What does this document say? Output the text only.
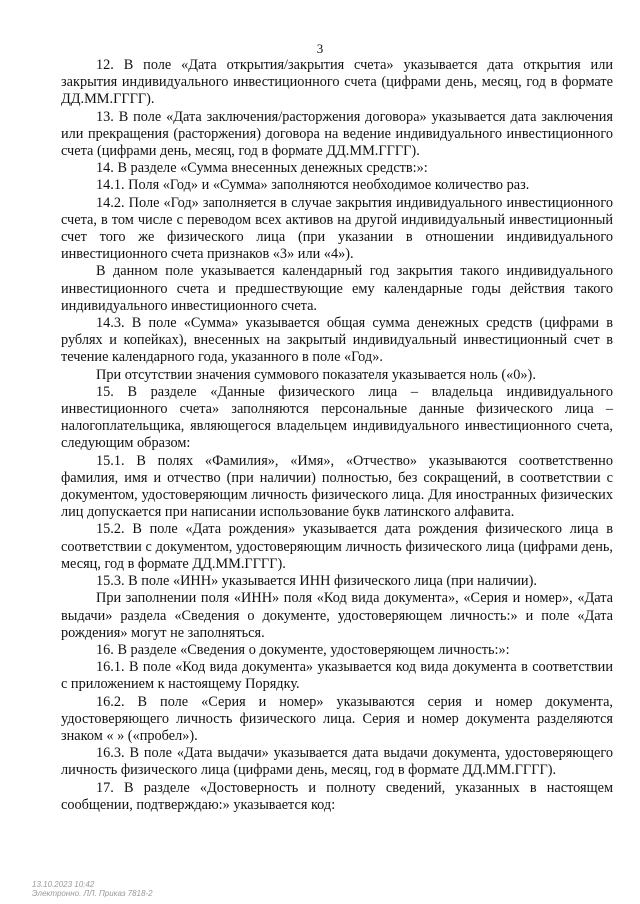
3

12. В поле «Дата открытия/закрытия счета» указывается дата открытия или закрытия индивидуального инвестиционного счета (цифрами день, месяц, год в формате ДД.ММ.ГГГГ).

13. В поле «Дата заключения/расторжения договора» указывается дата заключения или прекращения (расторжения) договора на ведение индивидуального инвестиционного счета (цифрами день, месяц, год в формате ДД.ММ.ГГГГ).

14. В разделе «Сумма внесенных денежных средств:»:

14.1. Поля «Год» и «Сумма» заполняются необходимое количество раз.

14.2. Поле «Год» заполняется в случае закрытия индивидуального инвестиционного счета, в том числе с переводом всех активов на другой индивидуальный инвестиционный счет того же физического лица (при указании в отношении индивидуального инвестиционного счета признаков «3» или «4»).

В данном поле указывается календарный год закрытия такого индивидуального инвестиционного счета и предшествующие ему календарные годы действия такого индивидуального инвестиционного счета.

14.3. В поле «Сумма» указывается общая сумма денежных средств (цифрами в рублях и копейках), внесенных на закрытый индивидуальный инвестиционный счет в течение календарного года, указанного в поле «Год».

При отсутствии значения суммового показателя указывается ноль («0»).

15. В разделе «Данные физического лица – владельца индивидуального инвестиционного счета» заполняются персональные данные физического лица – налогоплательщика, являющегося владельцем индивидуального инвестиционного счета, следующим образом:

15.1. В полях «Фамилия», «Имя», «Отчество» указываются соответственно фамилия, имя и отчество (при наличии) полностью, без сокращений, в соответствии с документом, удостоверяющим личность физического лица. Для иностранных физических лиц допускается при написании использование букв латинского алфавита.

15.2. В поле «Дата рождения» указывается дата рождения физического лица в соответствии с документом, удостоверяющим личность физического лица (цифрами день, месяц, год в формате ДД.ММ.ГГГГ).

15.3. В поле «ИНН» указывается ИНН физического лица (при наличии).

При заполнении поля «ИНН» поля «Код вида документа», «Серия и номер», «Дата выдачи» раздела «Сведения о документе, удостоверяющем личность:» и поле «Дата рождения» могут не заполняться.

16. В разделе «Сведения о документе, удостоверяющем личность:»:

16.1. В поле «Код вида документа» указывается код вида документа в соответствии с приложением к настоящему Порядку.

16.2. В поле «Серия и номер» указываются серия и номер документа, удостоверяющего личность физического лица. Серия и номер документа разделяются знаком « » («пробел»).

16.3. В поле «Дата выдачи» указывается дата выдачи документа, удостоверяющего личность физического лица (цифрами день, месяц, год в формате ДД.ММ.ГГГГ).

17. В разделе «Достоверность и полноту сведений, указанных в настоящем сообщении, подтверждаю:» указывается код:

13.10.2023 10:42
Электронно. ЛЛ. Приказ 7818-2
